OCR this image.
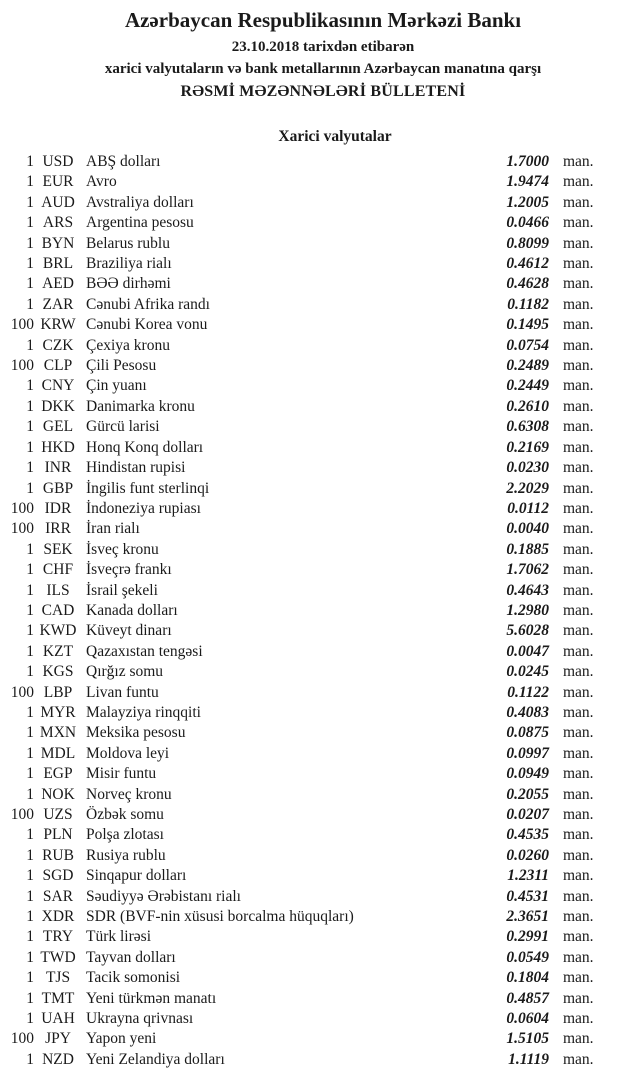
Azərbaycan Respublikasının Mərkəzi Bankı
23.10.2018 tarixdən etibarən
xarici valyutaların və bank metallarının Azərbaycan manatına qarşı
RƏSMİ MƏZƏNNƏLƏRİ BÜLLETENİ
Xarici valyutalar
1 USD ABŞ dolları	1.7000 man.
1 EUR Avro	1.9474 man.
1 AUD Avstraliya dolları	1.2005 man.
1 ARS Argentina pesosu	0.0466 man.
1 BYN Belarus rublu	0.8099 man.
1 BRL Braziliya rialı	0.4612 man.
1 AED BƏƏ dirhəmi	0.4628 man.
1 ZAR Cənubi Afrika randı	0.1182 man.
100 KRW Cənubi Korea vonu	0.1495 man.
1 CZK Çexiya kronu	0.0754 man.
100 CLP Çili Pesosu	0.2489 man.
1 CNY Çin yuanı	0.2449 man.
1 DKK Danimarka kronu	0.2610 man.
1 GEL Gürcü larisi	0.6308 man.
1 HKD Honq Konq dolları	0.2169 man.
1 INR Hindistan rupisi	0.0230 man.
1 GBP İngilis funt sterlinqi	2.2029 man.
100 IDR İndoneziya rupiası	0.0112 man.
100 IRR İran rialı	0.0040 man.
1 SEK İsveç kronu	0.1885 man.
1 CHF İsveçrə frankı	1.7062 man.
1 ILS	İsrail şekeli	0.4643 man.
1 CAD Kanada dolları	1.2980 man.
1 KWD Küveyt dinarı	5.6028 man.
1 KZT Qazaxıstan tengəsi	0.0047 man.
1 KGS Qırğız somu	0.0245 man.
100 LBP Livan funtu	0.1122 man.
1 MYR Malayziya rinqqiti	0.4083 man.
1 MXN Meksika pesosu	0.0875 man.
1 MDL Moldova leyi	0.0997 man.
1 EGP Misir funtu	0.0949 man.
1 NOK Norveç kronu	0.2055 man.
100 UZS Özbək somu	0.0207 man.
1 PLN Polşa zlotası	0.4535 man.
1 RUB Rusiya rublu	0.0260 man.
1 SGD Sinqapur dolları	1.2311 man.
1 SAR Səudiyyə Ərəbistanı rialı	0.4531 man.
1 XDR SDR (BVF-nin xüsusi borcalma hüquqları)	2.3651 man.
1 TRY Türk lirəsi	0.2991 man.
1 TWD Tayvan dolları	0.0549 man.
1 TJS	Tacik somonisi	0.1804 man.
1 TMT Yeni türkmən manatı	0.4857 man.
1 UAH Ukrayna qrivnası	0.0604 man.
100 JPY Yapon yeni	1.5105 man.
1 NZD Yeni Zelandiya dolları	1.1119 man.
